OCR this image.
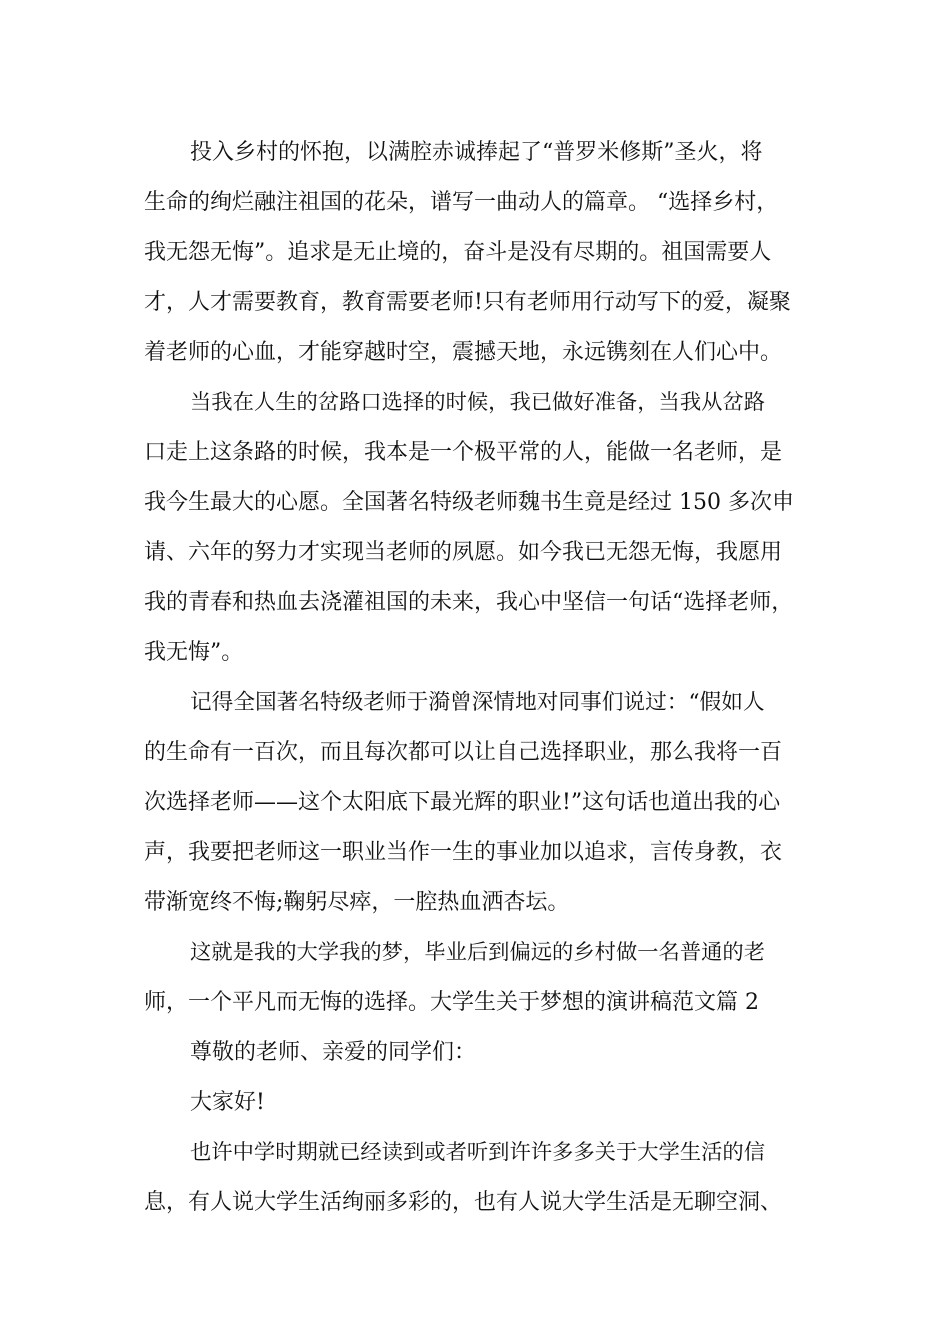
投入乡村的怀抱，以满腔赤诚捧起了“普罗米修斯”圣火，将
生命的绚烂融注祖国的花朵，谱写一曲动人的篇章。 “选择乡村，
我无怨无悔”。追求是无止境的，奋斗是没有尽期的。祖国需要人
才，人才需要教育，教育需要老师!只有老师用行动写下的爱，凝聚
着老师的心血，才能穿越时空，震撼天地，永远镌刻在人们心中。

当我在人生的岔路口选择的时候，我已做好准备，当我从岔路
口走上这条路的时候，我本是一个极平常的人，能做一名老师，是
我今生最大的心愿。全国著名特级老师魏书生竟是经过 150 多次申
请、六年的努力才实现当老师的夙愿。如今我已无怨无悔，我愿用
我的青春和热血去浇灌祖国的未来，我心中坚信一句话“选择老师，
我无悔”。

记得全国著名特级老师于漪曾深情地对同事们说过：“假如人
的生命有一百次，而且每次都可以让自己选择职业，那么我将一百
次选择老师——这个太阳底下最光辉的职业!”这句话也道出我的心
声，我要把老师这一职业当作一生的事业加以追求，言传身教，衣
带渐宽终不悔;鞠躬尽瘁，一腔热血洒杏坛。

这就是我的大学我的梦，毕业后到偏远的乡村做一名普通的老
师，一个平凡而无悔的选择。大学生关于梦想的演讲稿范文篇 2

尊敬的老师、亲爱的同学们：

大家好!

也许中学时期就已经读到或者听到许许多多关于大学生活的信
息，有人说大学生活绚丽多彩的，也有人说大学生活是无聊空洞、
